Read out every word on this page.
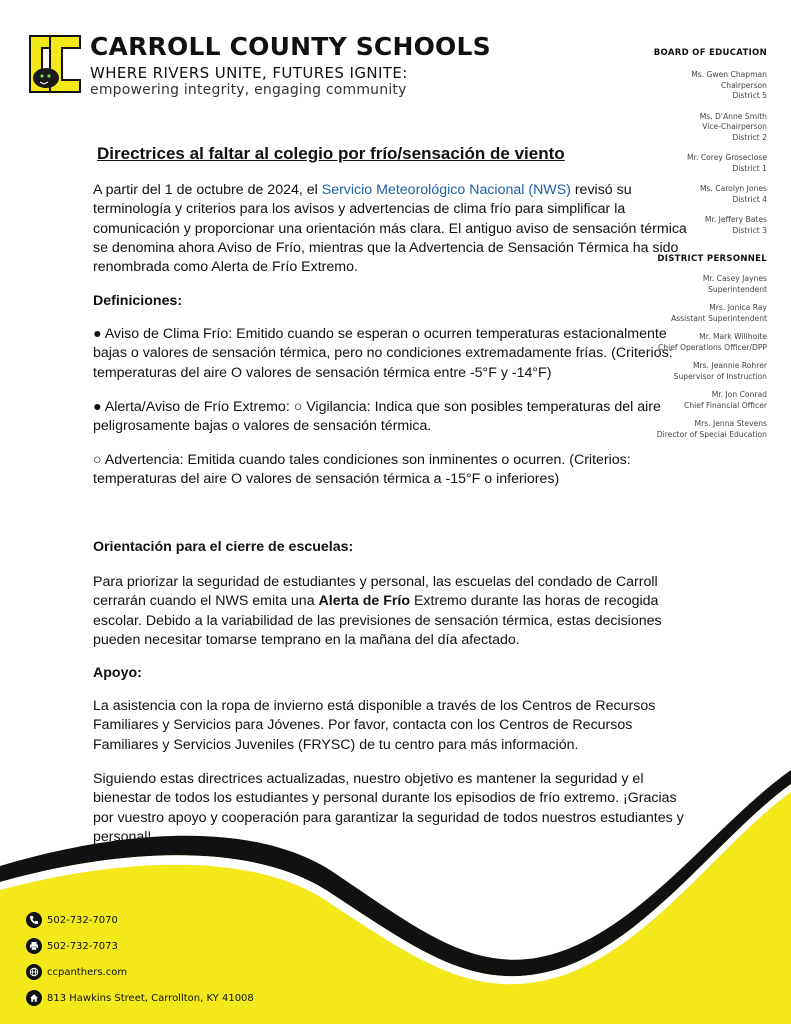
CARROLL COUNTY SCHOOLS
WHERE RIVERS UNITE, FUTURES IGNITE:
empowering integrity, engaging community
BOARD OF EDUCATION
Ms. Gwen Chapman
Chairperson
District 5
Ms. D'Anne Smith
Vice-Chairperson
District 2
Mr. Corey Groseclose
District 1
Ms. Carolyn Jones
District 4
Mr. Jeffery Bates
District 3
DISTRICT PERSONNEL
Mr. Casey Jaynes
Superintendent
Mrs. Jonica Ray
Assistant Superintendent
Mr. Mark Willhoite
Chief Operations Officer/DPP
Mrs. Jeannie Rohrer
Supervisor of Instruction
Mr. Jon Conrad
Chief Financial Officer
Mrs. Jenna Stevens
Director of Special Education
Directrices al faltar al colegio por frío/sensación de viento

A partir del 1 de octubre de 2024, el Servicio Meteorológico Nacional (NWS) revisó su terminología y criterios para los avisos y advertencias de clima frío para simplificar la comunicación y proporcionar una orientación más clara. El antiguo aviso de sensación térmica se denomina ahora Aviso de Frío, mientras que la Advertencia de Sensación Térmica ha sido renombrada como Alerta de Frío Extremo.

Definiciones:

● Aviso de Clima Frío: Emitido cuando se esperan o ocurren temperaturas estacionalmente bajas o valores de sensación térmica, pero no condiciones extremadamente frías. (Criterios: temperaturas del aire O valores de sensación térmica entre -5°F y -14°F)

● Alerta/Aviso de Frío Extremo: ○ Vigilancia: Indica que son posibles temperaturas del aire peligrosamente bajas o valores de sensación térmica.

○ Advertencia: Emitida cuando tales condiciones son inminentes o ocurren. (Criterios: temperaturas del aire O valores de sensación térmica a -15°F o inferiores)

Orientación para el cierre de escuelas:

Para priorizar la seguridad de estudiantes y personal, las escuelas del condado de Carroll cerrarán cuando el NWS emita una Alerta de Frío Extremo durante las horas de recogida escolar. Debido a la variabilidad de las previsiones de sensación térmica, estas decisiones pueden necesitar tomarse temprano en la mañana del día afectado.

Apoyo:

La asistencia con la ropa de invierno está disponible a través de los Centros de Recursos Familiares y Servicios para Jóvenes. Por favor, contacta con los Centros de Recursos Familiares y Servicios Juveniles (FRYSC) de tu centro para más información.

Siguiendo estas directrices actualizadas, nuestro objetivo es mantener la seguridad y el bienestar de todos los estudiantes y personal durante los episodios de frío extremo. ¡Gracias por vuestro apoyo y cooperación para garantizar la seguridad de todos nuestros estudiantes y personal!

502-732-7070
502-732-7073
ccpanthers.com
813 Hawkins Street, Carrollton, KY 41008
